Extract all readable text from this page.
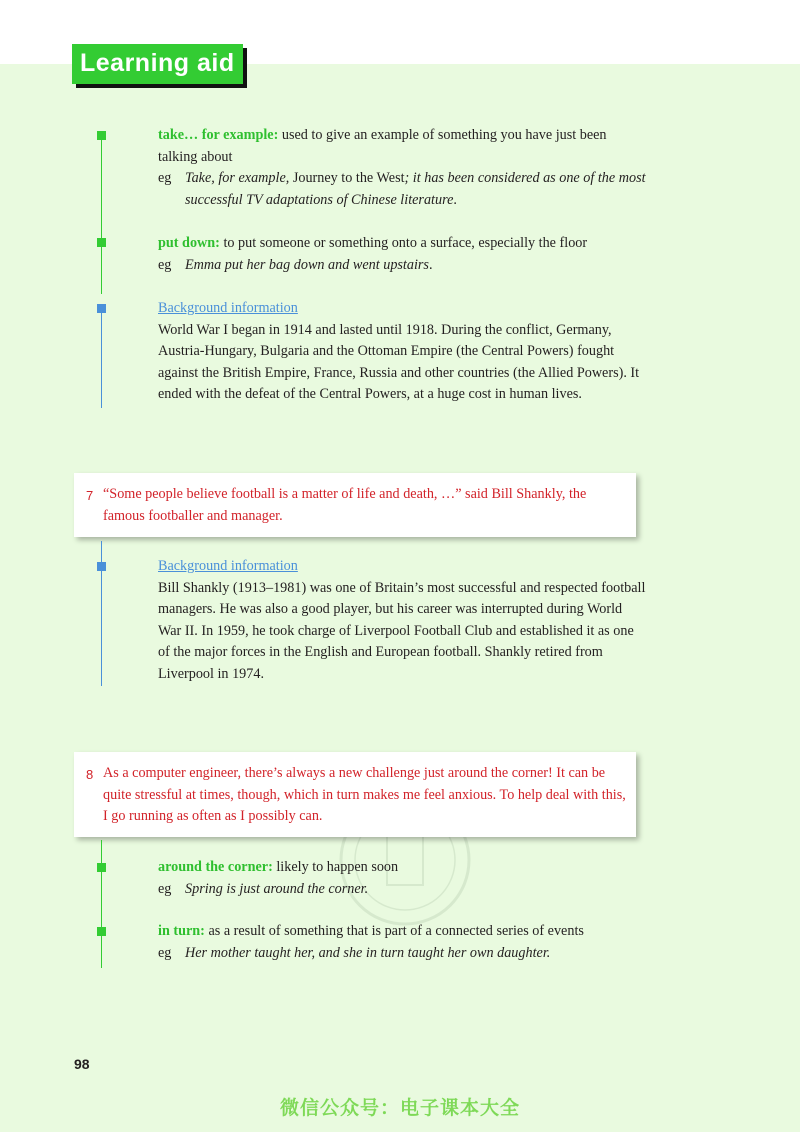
Learning aid
take… for example: used to give an example of something you have just been talking about
eg Take, for example, Journey to the West; it has been considered as one of the most successful TV adaptations of Chinese literature.
put down: to put someone or something onto a surface, especially the floor
eg Emma put her bag down and went upstairs.
Background information
World War I began in 1914 and lasted until 1918. During the conflict, Germany, Austria-Hungary, Bulgaria and the Ottoman Empire (the Central Powers) fought against the British Empire, France, Russia and other countries (the Allied Powers). It ended with the defeat of the Central Powers, at a huge cost in human lives.
7 “Some people believe football is a matter of life and death, …” said Bill Shankly, the famous footballer and manager.
Background information
Bill Shankly (1913–1981) was one of Britain’s most successful and respected football managers. He was also a good player, but his career was interrupted during World War II. In 1959, he took charge of Liverpool Football Club and established it as one of the major forces in the English and European football. Shankly retired from Liverpool in 1974.
8 As a computer engineer, there’s always a new challenge just around the corner! It can be quite stressful at times, though, which in turn makes me feel anxious. To help deal with this, I go running as often as I possibly can.
around the corner: likely to happen soon
eg Spring is just around the corner.
in turn: as a result of something that is part of a connected series of events
eg Her mother taught her, and she in turn taught her own daughter.
98
微信公众号：电子课本大全
